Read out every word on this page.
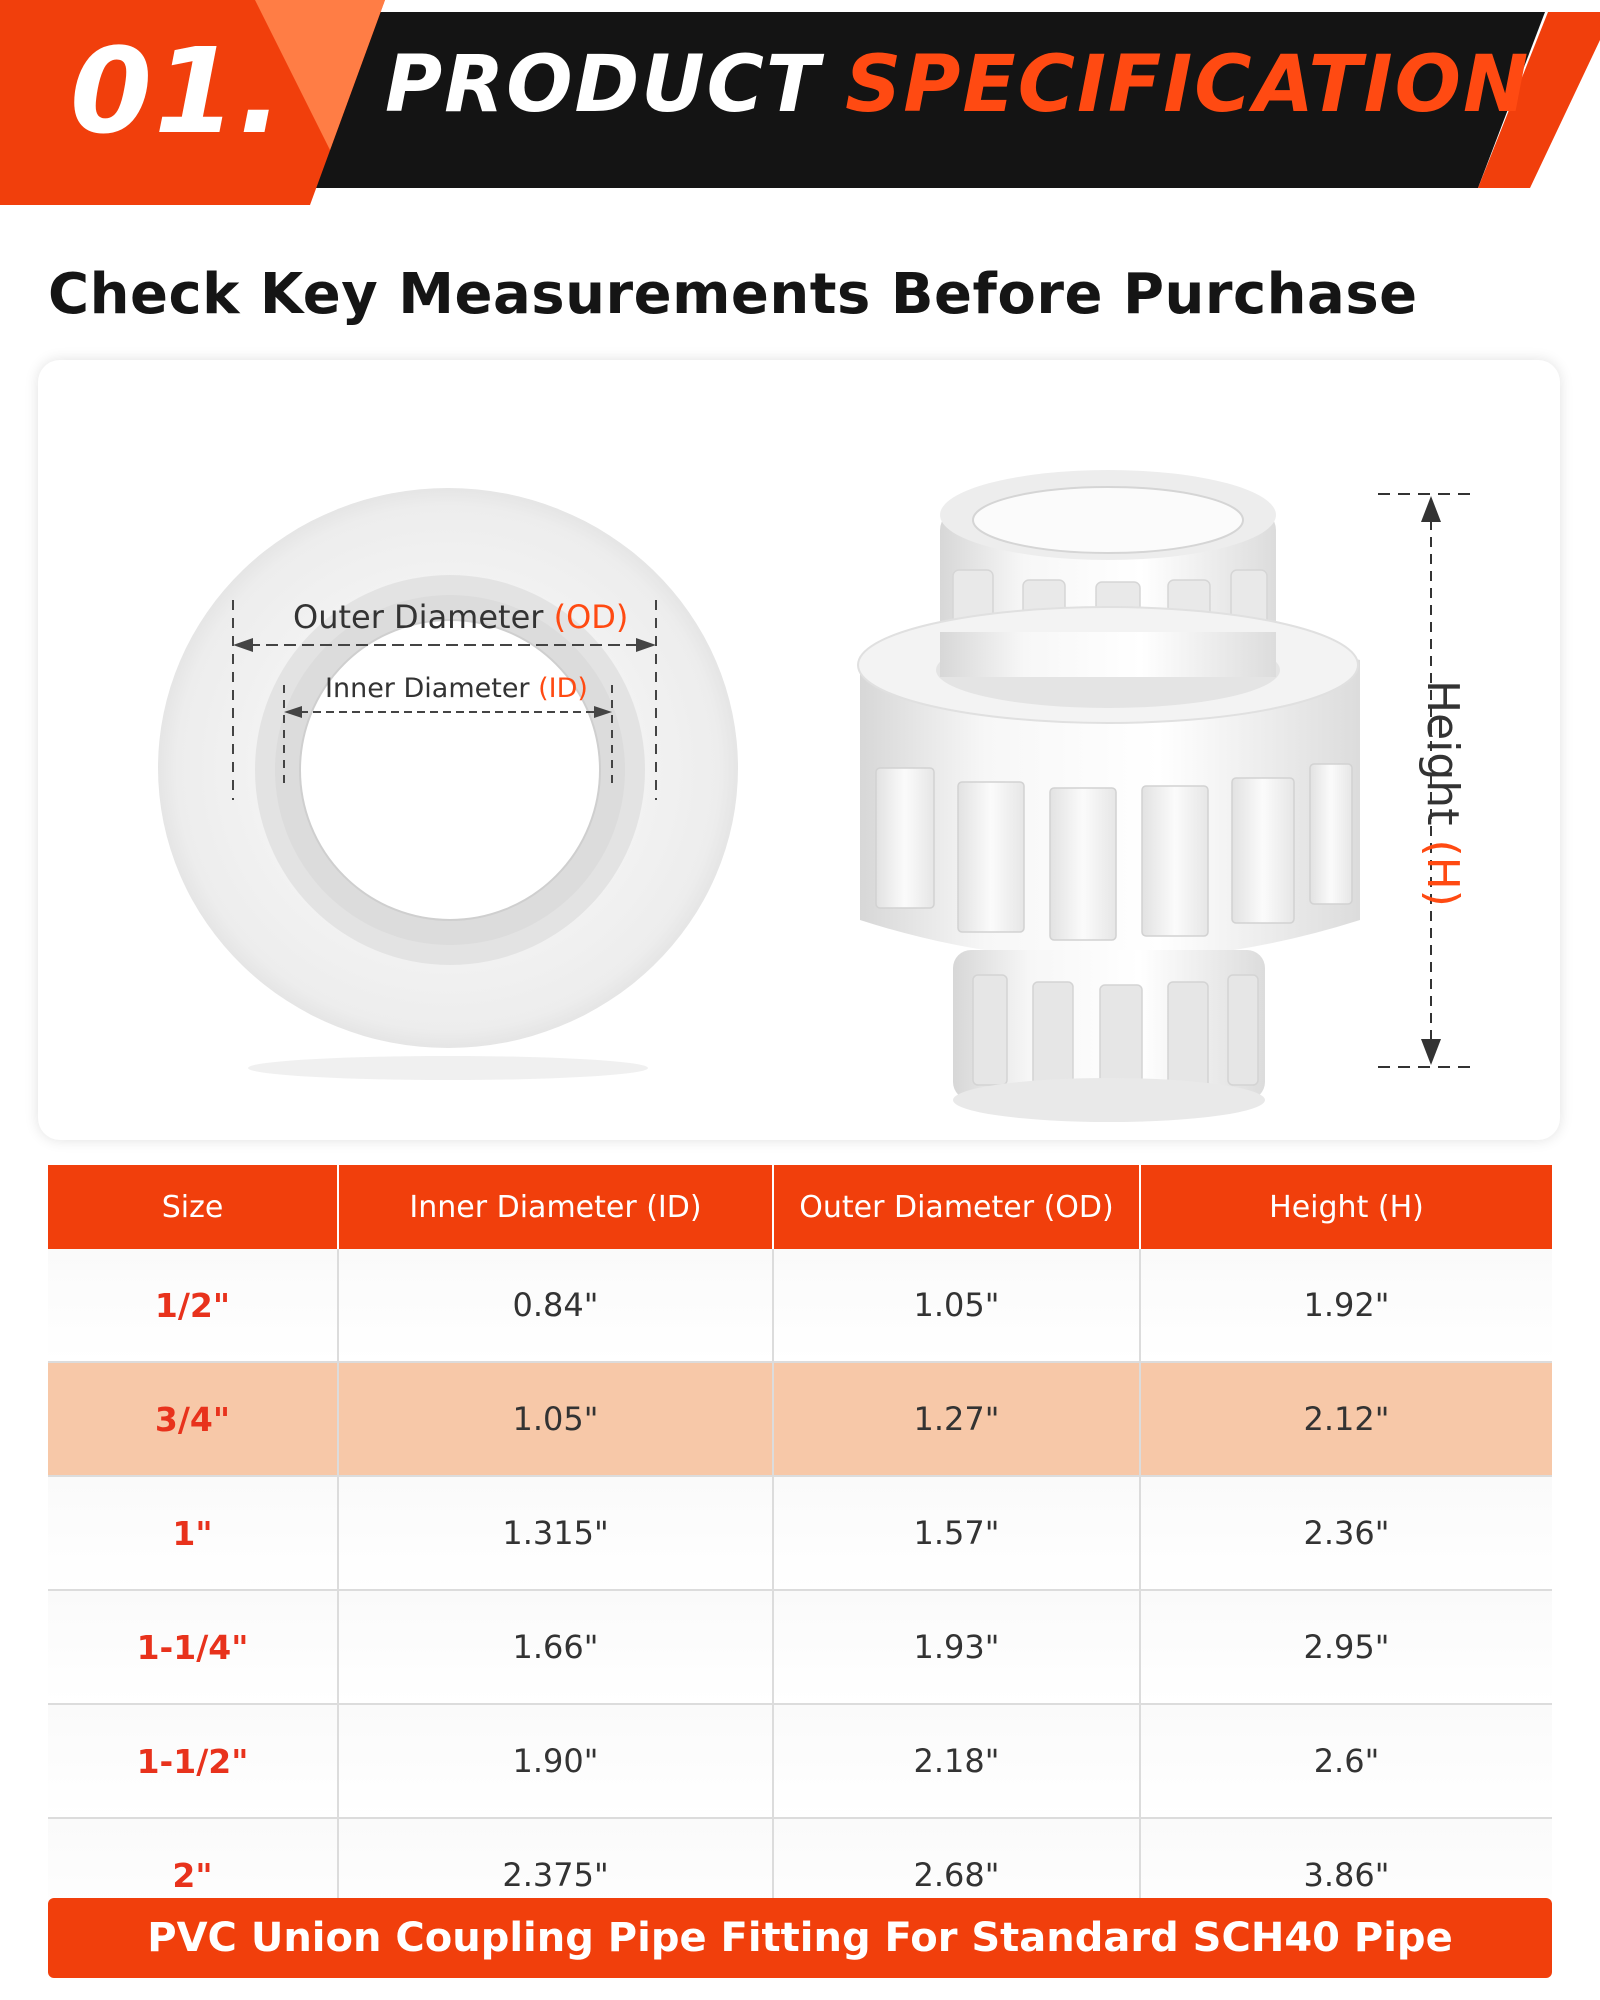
01. PRODUCT SPECIFICATION
Check Key Measurements Before Purchase
Outer Diameter (OD)
Inner Diameter (ID)	Height (H)
Size	Inner Diameter (ID)	Outer Diameter (OD)	Height (H)
1/2"	0.84"	1.05"	1.92"
3/4"	1.05"	1.27"	2.12"
1"	1.315"	1.57"	2.36"
1-1/4"	1.66"	1.93"	2.95"
1-1/2"	1.90"	2.18"	2.6"
2"	2.375"	2.68"	3.86"
PVC Union Coupling Pipe Fitting For Standard SCH40 Pipe
